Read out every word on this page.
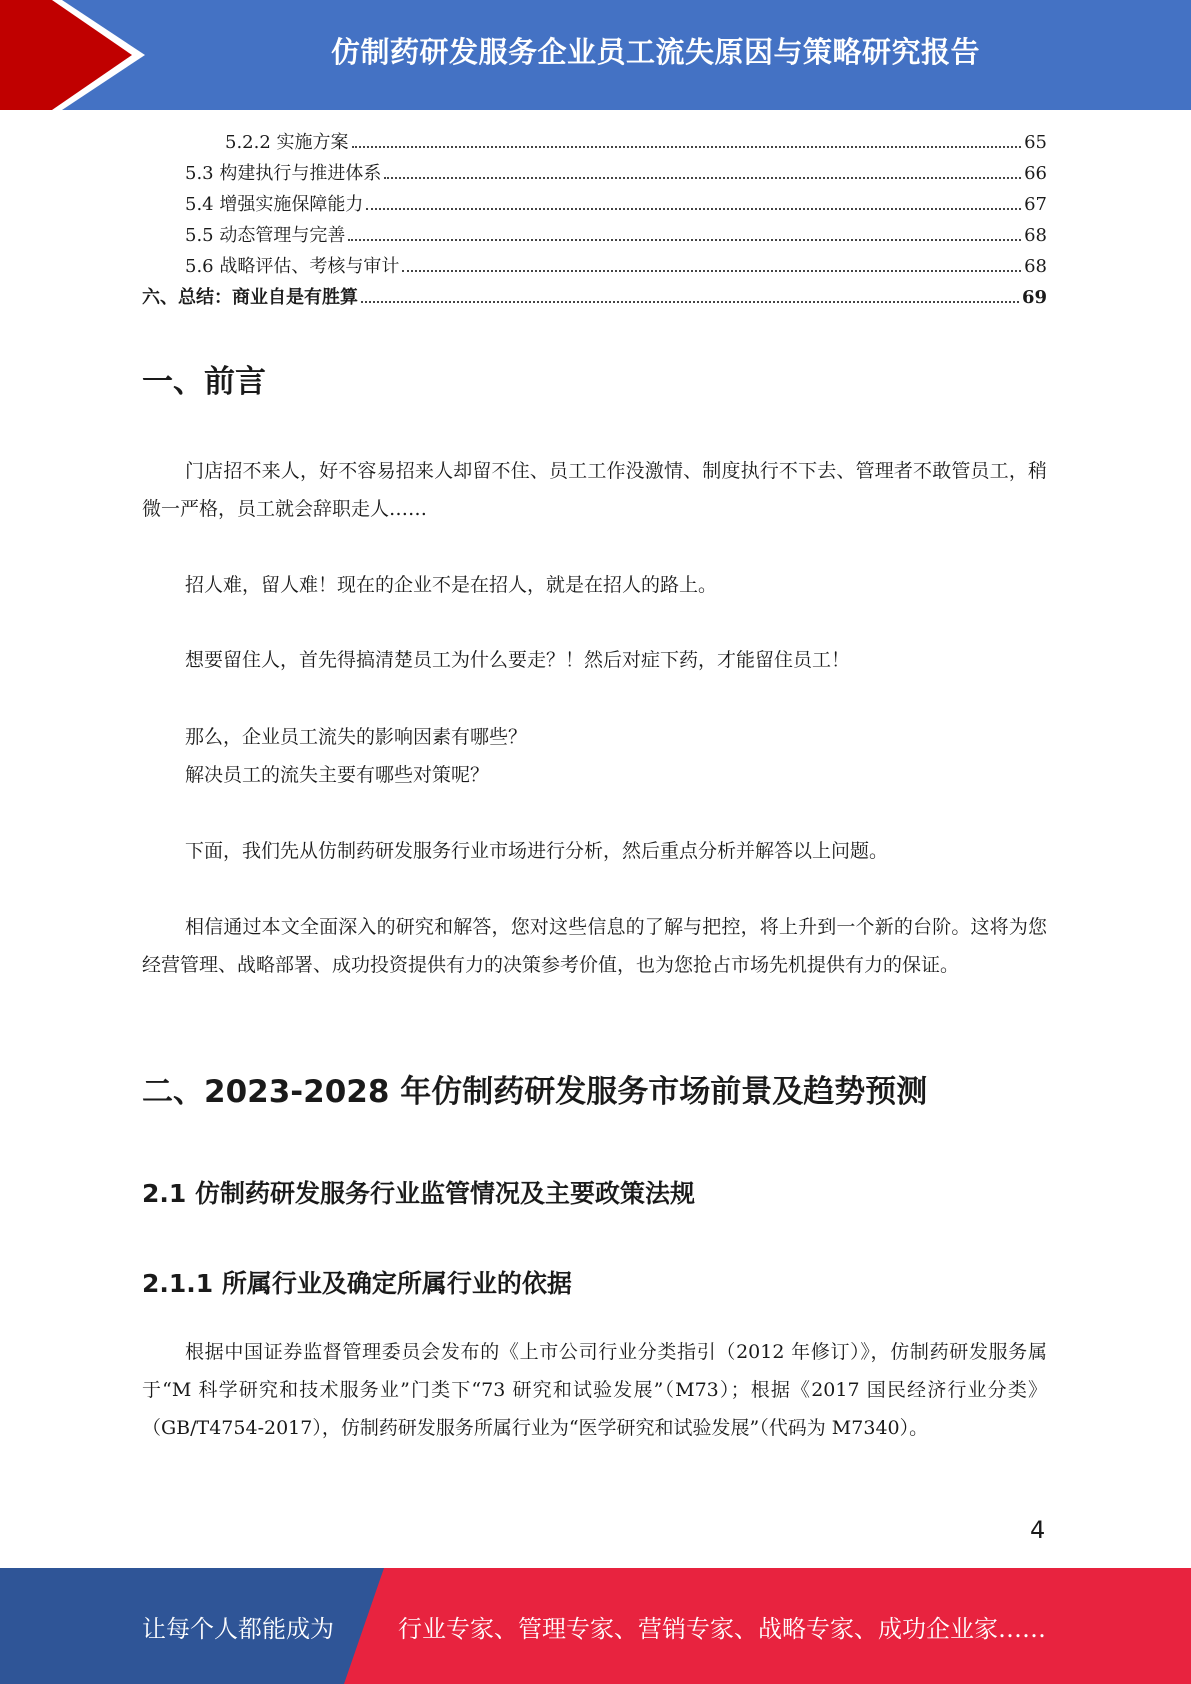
仿制药研发服务企业员工流失原因与策略研究报告
5.2.2 实施方案	65
5.3 构建执行与推进体系	66
5.4 增强实施保障能力	67
5.5 动态管理与完善	68
5.6 战略评估、考核与审计	68
六、总结：商业自是有胜算	69
一、前言
门店招不来人，好不容易招来人却留不住、员工工作没激情、制度执行不下去、管理者不敢管员工，稍微一严格，员工就会辞职走人……
招人难，留人难！现在的企业不是在招人，就是在招人的路上。
想要留住人，首先得搞清楚员工为什么要走？！然后对症下药，才能留住员工！
那么，企业员工流失的影响因素有哪些？
解决员工的流失主要有哪些对策呢？
下面，我们先从仿制药研发服务行业市场进行分析，然后重点分析并解答以上问题。
相信通过本文全面深入的研究和解答，您对这些信息的了解与把控，将上升到一个新的台阶。这将为您经营管理、战略部署、成功投资提供有力的决策参考价值，也为您抢占市场先机提供有力的保证。
二、2023-2028 年仿制药研发服务市场前景及趋势预测
2.1 仿制药研发服务行业监管情况及主要政策法规
2.1.1 所属行业及确定所属行业的依据
根据中国证券监督管理委员会发布的《上市公司行业分类指引（2012 年修订）》，仿制药研发服务属于“M 科学研究和技术服务业”门类下“73 研究和试验发展”（M73）；根据《2017 国民经济行业分类》（GB/T4754-2017），仿制药研发服务所属行业为“医学研究和试验发展”（代码为 M7340）。
4
让每个人都能成为	行业专家、管理专家、营销专家、战略专家、成功企业家……
